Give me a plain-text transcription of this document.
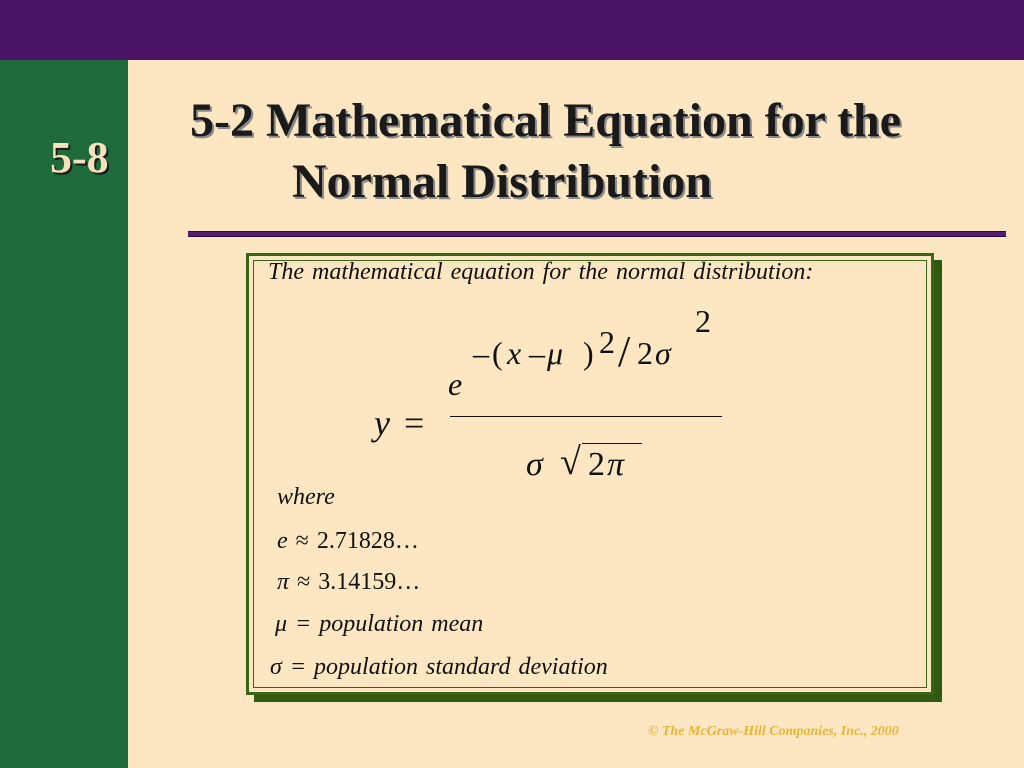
5-8
5-2 Mathematical Equation for the
Normal Distribution
The mathematical equation for the normal distribution:
– ( x – μ ) 2 / 2 σ
2
e
y =
σ √ 2 π
where
e ≈ 2.71828…
π ≈ 3.14159…
μ = population mean
σ = population standard deviation
© The McGraw-Hill Companies, Inc., 2000
